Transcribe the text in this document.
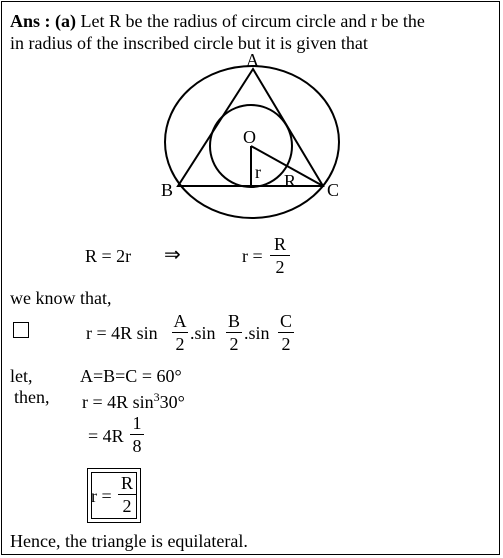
Ans : (a) Let R be the radius of circum circle and r be the
in radius of the inscribed circle but it is given that
A
B	C
O
r R
R = 2r ⇒	r =
R
2
we know that,
r = 4R sin
A
2
.sin
B
2
.sin
C
2
let,	A=B=C = 60°
then, r = 4R $\sin^330^\circ$
= 4R
1
8
r =
R
2
Hence, the triangle is equilateral.
